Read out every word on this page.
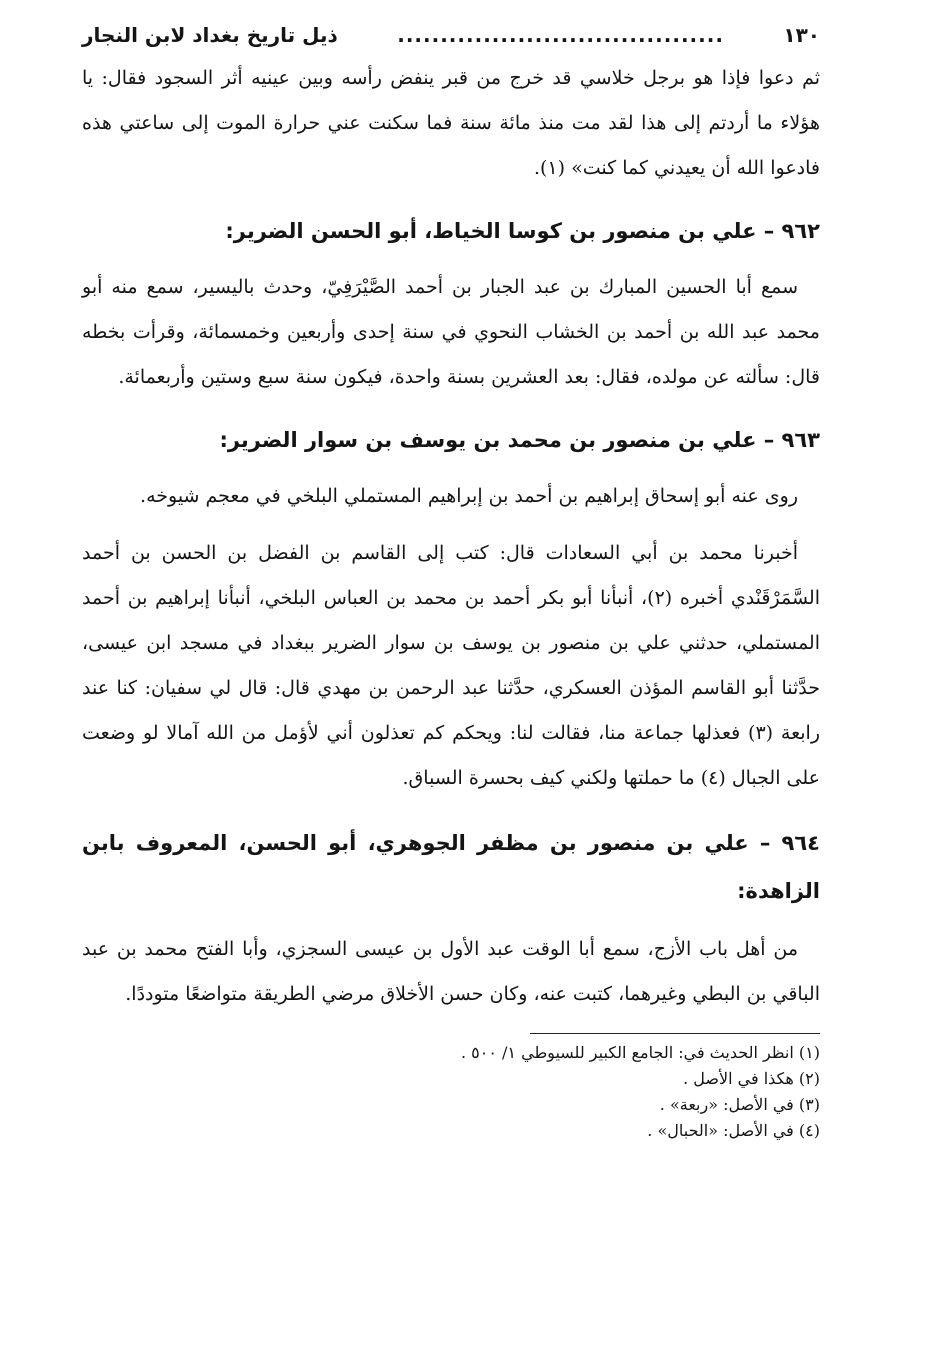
١٣٠
......................................
ذيل تاريخ بغداد لابن النجار

ثم دعوا فإذا هو برجل خلاسي قد خرج من قبر ينفض رأسه وبين عينيه أثر السجود فقال: يا هؤلاء ما أردتم إلى هذا لقد مت منذ مائة سنة فما سكنت عني حرارة الموت إلى ساعتي هذه فادعوا الله أن يعيدني كما كنت» (١).

٩٦٢ – علي بن منصور بن كوسا الخياط، أبو الحسن الضرير:

سمع أبا الحسين المبارك بن عبد الجبار بن أحمد الصَّيْرَفِيّ، وحدث باليسير، سمع منه أبو محمد عبد الله بن أحمد بن الخشاب النحوي في سنة إحدى وأربعين وخمسمائة، وقرأت بخطه قال: سألته عن مولده، فقال: بعد العشرين بسنة واحدة، فيكون سنة سبع وستين وأربعمائة.

٩٦٣ – علي بن منصور بن محمد بن يوسف بن سوار الضرير:

روى عنه أبو إسحاق إبراهيم بن أحمد بن إبراهيم المستملي البلخي في معجم شيوخه.

أخبرنا محمد بن أبي السعادات قال: كتب إلى القاسم بن الفضل بن الحسن بن أحمد السَّمَرْقَنْدي أخبره (٢)، أنبأنا أبو بكر أحمد بن محمد بن العباس البلخي، أنبأنا إبراهيم بن أحمد المستملي، حدثني علي بن منصور بن يوسف بن سوار الضرير ببغداد في مسجد ابن عيسى، حدَّثنا أبو القاسم المؤذن العسكري، حدَّثنا عبد الرحمن بن مهدي قال: قال لي سفيان: كنا عند رابعة (٣) فعذلها جماعة منا، فقالت لنا: ويحكم كم تعذلون أني لأؤمل من الله آمالا لو وضعت على الجبال (٤) ما حملتها ولكني كيف بحسرة السباق.

٩٦٤ – علي بن منصور بن مظفر الجوهري، أبو الحسن، المعروف بابن الزاهدة:

من أهل باب الأزج، سمع أبا الوقت عبد الأول بن عيسى السجزي، وأبا الفتح محمد بن عبد الباقي بن البطي وغيرهما، كتبت عنه، وكان حسن الأخلاق مرضي الطريقة متواضعًا متوددًا.

(١) انظر الحديث في: الجامع الكبير للسيوطي ١/ ٥٠٠ .

(٢) هكذا في الأصل .

(٣) في الأصل: «ربعة» .

(٤) في الأصل: «الحبال» .
